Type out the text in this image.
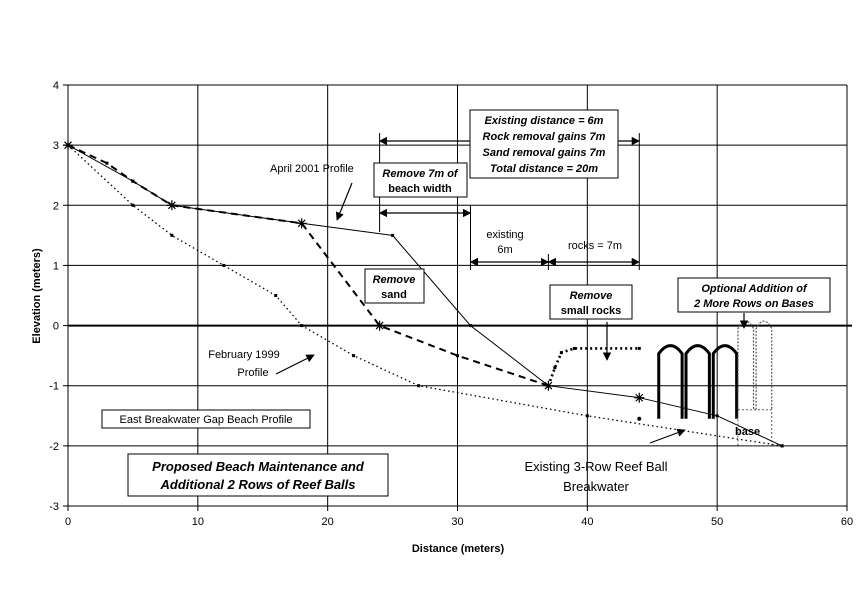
0	10	20	30	40	50	60
-3
-2
-1
0
1
2
3
4
Distance (meters)
Elevation (meters)
April 2001 Profile
February 1999
Profile
Remove 7m of
beach width
Remove
sand
Existing distance = 6m
Rock removal gains 7m
Sand removal gains 7m
Total distance = 20m
existing
6m	rocks = 7m
Remove
small rocks
Optional Addition of
2 More Rows on Bases
base
East Breakwater Gap Beach Profile
Proposed Beach Maintenance and
Additional 2 Rows of Reef Balls
Existing 3-Row Reef Ball
Breakwater
